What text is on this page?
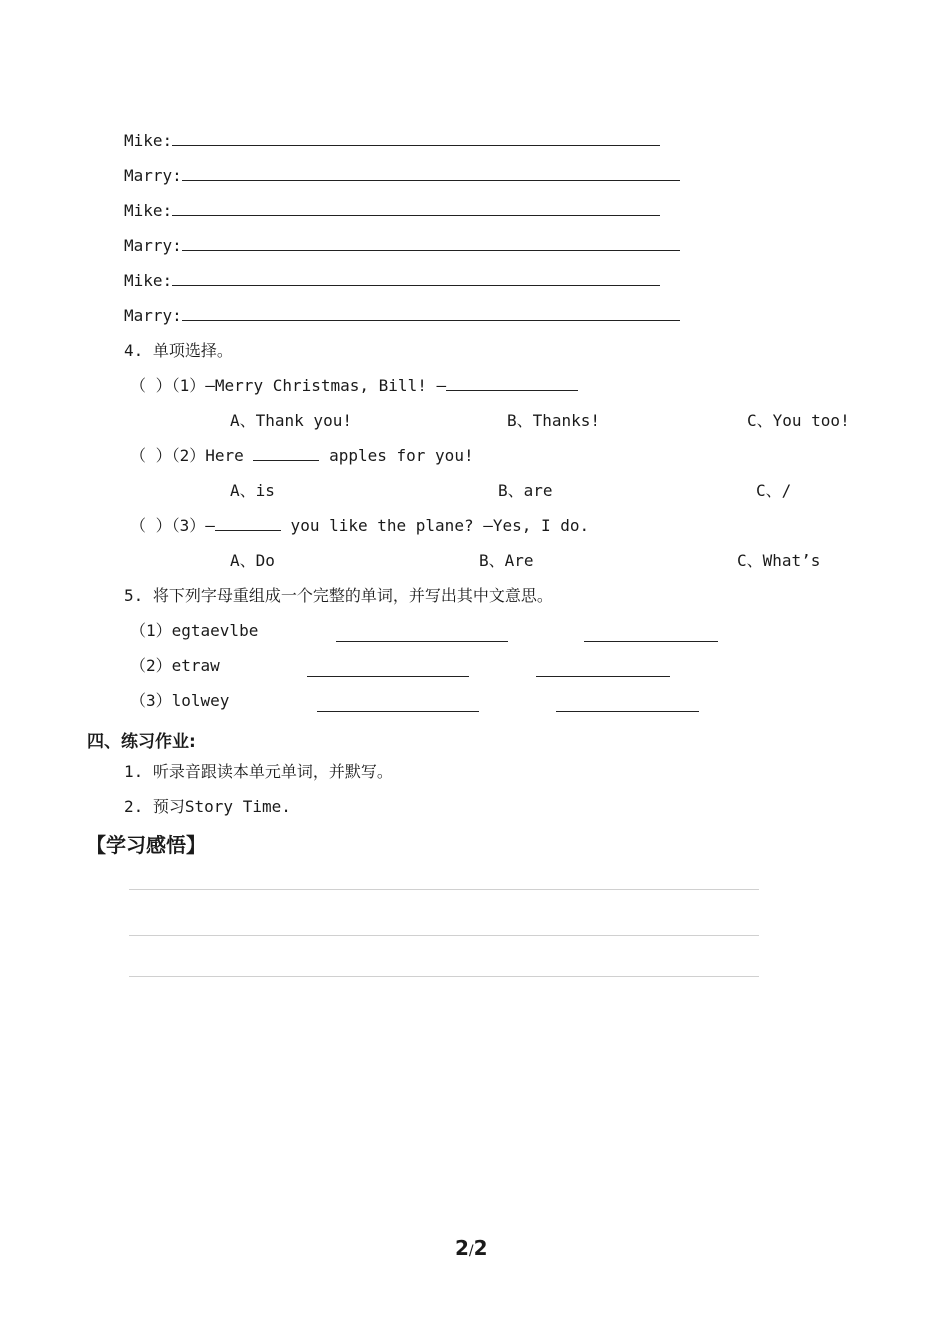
Mike:
Marry:
Mike:
Marry:
Mike:
Marry:
4. 单项选择。
（ ）（1）—Merry Christmas, Bill! —
A、Thank you!	B、Thanks!	C、You too!
（ ）（2）Here	apples for you!
A、is	B、are	C、/
（ ）（3）—	you like the plane? —Yes, I do.
A、Do	B、Are	C、What’s
5. 将下列字母重组成一个完整的单词，并写出其中文意思。
（1）egtaevlbe
（2）etraw
（3）lolwey
四、练习作业:
1. 听录音跟读本单元单词，并默写。
2. 预习Story Time.
【学习感悟】
2/2
